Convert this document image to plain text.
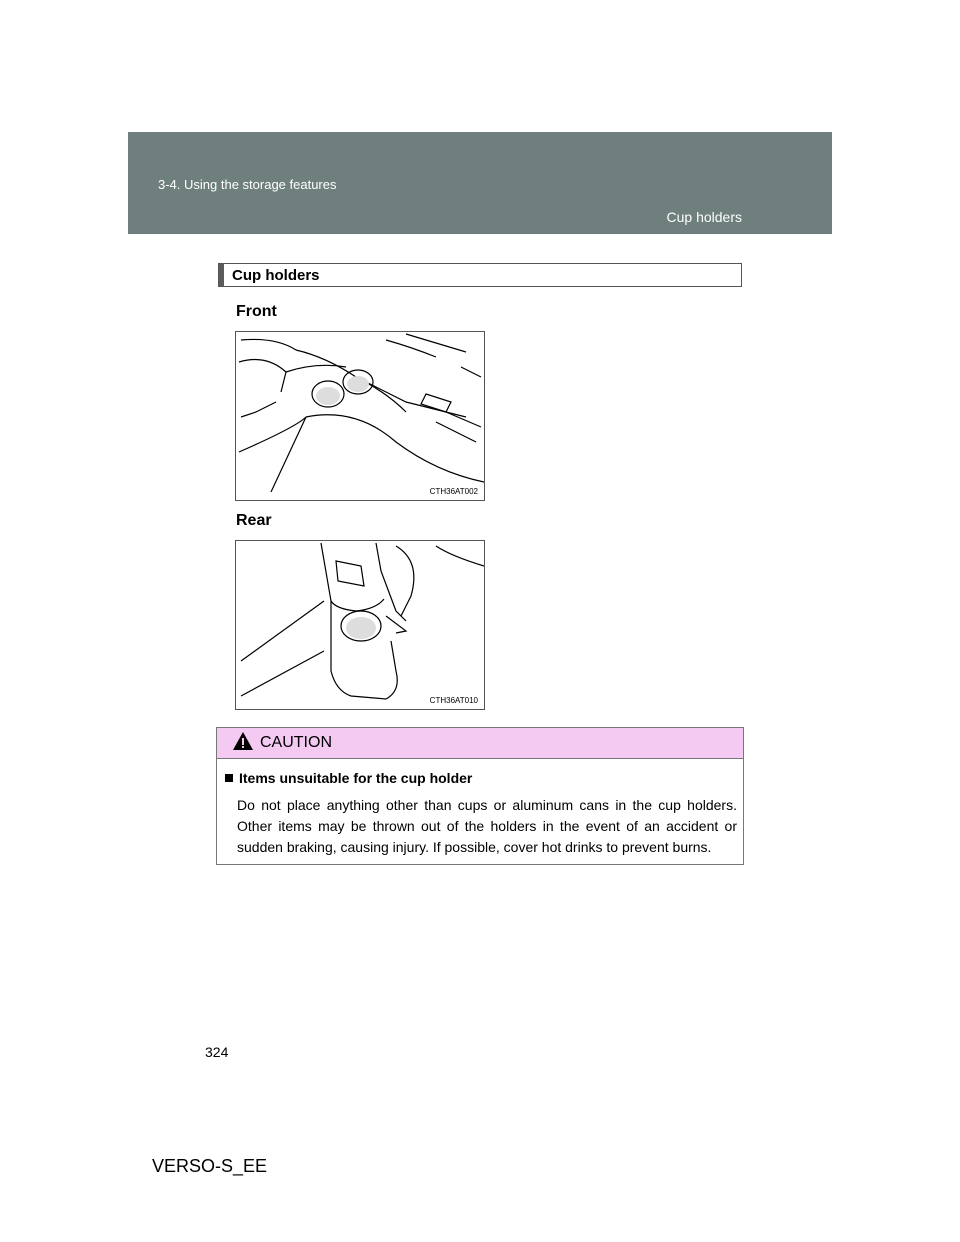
3-4. Using the storage features
Cup holders
Cup holders
Front
CTH36AT002
Rear
CTH36AT010
CAUTION
Items unsuitable for the cup holder
Do not place anything other than cups or aluminum cans in the cup holders. Other items may be thrown out of the holders in the event of an accident or sudden braking, causing injury. If possible, cover hot drinks to prevent burns.
324
VERSO-S_EE
